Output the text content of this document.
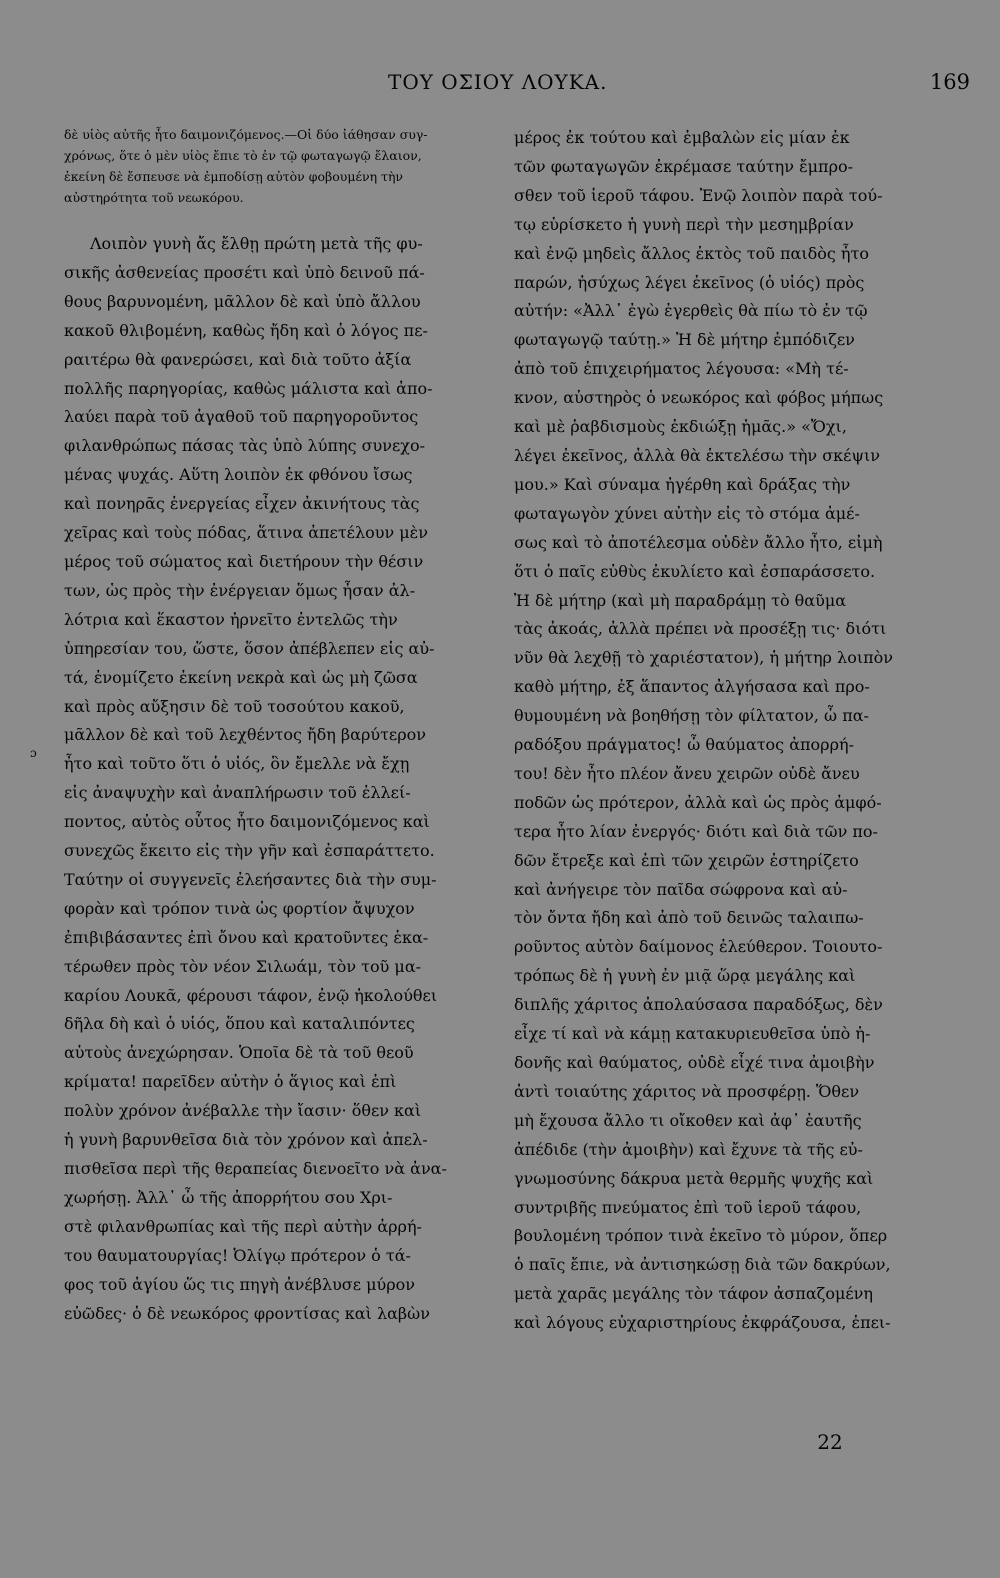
ΤΟΥ ΟΣΙΟΥ ΛΟΥΚΑ.	169
ɔ
δὲ υἱὸς αὐτῆς ἦτο δαιμονιζόμενος.—Οἱ δύο ἰάθησαν συγ-
χρόνως, ὅτε ὁ μὲν υἱὸς ἔπιε τὸ ἐν τῷ φωταγωγῷ ἔλαιον,
ἐκείνη δὲ ἔσπευσε νὰ ἐμποδίσῃ αὐτὸν φοβουμένη τὴν
αὐστηρότητα τοῦ νεωκόρου.
Λοιπὸν γυνὴ ἄς ἔλθῃ πρώτη μετὰ τῆς φυ-
σικῆς ἀσθενείας προσέτι καὶ ὑπὸ δεινοῦ πά-
θους βαρυνομένη, μᾶλλον δὲ καὶ ὑπὸ ἄλλου
κακοῦ θλιβομένη, καθὼς ἤδη καὶ ὁ λόγος πε-
ραιτέρω θὰ φανερώσει, καὶ διὰ τοῦτο ἀξία
πολλῆς παρηγορίας, καθὼς μάλιστα καὶ ἀπο-
λαύει παρὰ τοῦ ἀγαθοῦ τοῦ παρηγοροῦντος
φιλανθρώπως πάσας τὰς ὑπὸ λύπης συνεχο-
μένας ψυχάς. Αὕτη λοιπὸν ἐκ φθόνου ἴσως
καὶ πονηρᾶς ἐνεργείας εἶχεν ἀκινήτους τὰς
χεῖρας καὶ τοὺς πόδας, ἅτινα ἀπετέλουν μὲν
μέρος τοῦ σώματος καὶ διετήρουν τὴν θέσιν
των, ὡς πρὸς τὴν ἐνέργειαν ὅμως ἦσαν ἀλ-
λότρια καὶ ἕκαστον ἠρνεῖτο ἐντελῶς τὴν
ὑπηρεσίαν του, ὥστε, ὅσον ἀπέβλεπεν εἰς αὐ-
τά, ἐνομίζετο ἐκείνη νεκρὰ καὶ ὡς μὴ ζῶσα
καὶ πρὸς αὔξησιν δὲ τοῦ τοσούτου κακοῦ,
μᾶλλον δὲ καὶ τοῦ λεχθέντος ἤδη βαρύτερον
ἦτο καὶ τοῦτο ὅτι ὁ υἱός, ὃν ἔμελλε νὰ ἔχῃ
εἰς ἀναψυχὴν καὶ ἀναπλήρωσιν τοῦ ἐλλεί-
ποντος, αὐτὸς οὗτος ἦτο δαιμονιζόμενος καὶ
συνεχῶς ἔκειτο εἰς τὴν γῆν καὶ ἐσπαράττετο.
Ταύτην οἱ συγγενεῖς ἐλεήσαντες διὰ τὴν συμ-
φορὰν καὶ τρόπον τινὰ ὡς φορτίον ἄψυχον
ἐπιβιβάσαντες ἐπὶ ὄνου καὶ κρατοῦντες ἑκα-
τέρωθεν πρὸς τὸν νέον Σιλωάμ, τὸν τοῦ μα-
καρίου Λουκᾶ, φέρουσι τάφον, ἐνῷ ἠκολούθει
δῆλα δὴ καὶ ὁ υἱός, ὅπου καὶ καταλιπόντες
αὐτοὺς ἀνεχώρησαν. Ὁποῖα δὲ τὰ τοῦ θεοῦ
κρίματα! παρεῖδεν αὐτὴν ὁ ἅγιος καὶ ἐπὶ
πολὺν χρόνον ἀνέβαλλε τὴν ἴασιν· ὅθεν καὶ
ἡ γυνὴ βαρυνθεῖσα διὰ τὸν χρόνον καὶ ἀπελ-
πισθεῖσα περὶ τῆς θεραπείας διενοεῖτο νὰ ἀνα-
χωρήσῃ. Ἀλλ᾽ ὦ τῆς ἀπορρήτου σου Χρι-
στὲ φιλανθρωπίας καὶ τῆς περὶ αὐτὴν ἀρρή-
του θαυματουργίας! Ὀλίγῳ πρότερον ὁ τά-
φος τοῦ ἁγίου ὥς τις πηγὴ ἀνέβλυσε μύρον
εὐῶδες· ὁ δὲ νεωκόρος φροντίσας καὶ λαβὼν
μέρος ἐκ τούτου καὶ ἐμβαλὼν εἰς μίαν ἐκ
τῶν φωταγωγῶν ἐκρέμασε ταύτην ἔμπρο-
σθεν τοῦ ἱεροῦ τάφου. Ἐνῷ λοιπὸν παρὰ τού-
τῳ εὑρίσκετο ἡ γυνὴ περὶ τὴν μεσημβρίαν
καὶ ἐνῷ μηδεὶς ἄλλος ἐκτὸς τοῦ παιδὸς ἦτο
παρών, ἡσύχως λέγει ἐκεῖνος (ὁ υἱός) πρὸς
αὐτήν: «Ἀλλ᾽ ἐγὼ ἐγερθεὶς θὰ πίω τὸ ἐν τῷ
φωταγωγῷ ταύτῃ.» Ἡ δὲ μήτηρ ἐμπόδιζεν
ἀπὸ τοῦ ἐπιχειρήματος λέγουσα: «Μὴ τέ-
κνον, αὐστηρὸς ὁ νεωκόρος καὶ φόβος μήπως
καὶ μὲ ῥαβδισμοὺς ἐκδιώξῃ ἡμᾶς.» «Ὄχι,
λέγει ἐκεῖνος, ἀλλὰ θὰ ἐκτελέσω τὴν σκέψιν
μου.» Καὶ σύναμα ἠγέρθη καὶ δράξας τὴν
φωταγωγὸν χύνει αὐτὴν εἰς τὸ στόμα ἀμέ-
σως καὶ τὸ ἀποτέλεσμα οὐδὲν ἄλλο ἦτο, εἰμὴ
ὅτι ὁ παῖς εὐθὺς ἐκυλίετο καὶ ἐσπαράσσετο.
Ἡ δὲ μήτηρ (καὶ μὴ παραδράμῃ τὸ θαῦμα
τὰς ἀκοάς, ἀλλὰ πρέπει νὰ προσέξῃ τις· διότι
νῦν θὰ λεχθῇ τὸ χαριέστατον), ἡ μήτηρ λοιπὸν
καθὸ μήτηρ, ἐξ ἅπαντος ἀλγήσασα καὶ προ-
θυμουμένη νὰ βοηθήσῃ τὸν φίλτατον, ὦ πα-
ραδόξου πράγματος! ὦ θαύματος ἀπορρή-
του! δὲν ἦτο πλέον ἄνευ χειρῶν οὐδὲ ἄνευ
ποδῶν ὡς πρότερον, ἀλλὰ καὶ ὡς πρὸς ἀμφό-
τερα ἦτο λίαν ἐνεργός· διότι καὶ διὰ τῶν πο-
δῶν ἔτρεξε καὶ ἐπὶ τῶν χειρῶν ἐστηρίζετο
καὶ ἀνήγειρε τὸν παῖδα σώφρονα καὶ αὐ-
τὸν ὄντα ἤδη καὶ ἀπὸ τοῦ δεινῶς ταλαιπω-
ροῦντος αὐτὸν δαίμονος ἐλεύθερον. Τοιουτο-
τρόπως δὲ ἡ γυνὴ ἐν μιᾷ ὥρᾳ μεγάλης καὶ
διπλῆς χάριτος ἀπολαύσασα παραδόξως, δὲν
εἶχε τί καὶ νὰ κάμῃ κατακυριευθεῖσα ὑπὸ ἡ-
δονῆς καὶ θαύματος, οὐδὲ εἶχέ τινα ἀμοιβὴν
ἀντὶ τοιαύτης χάριτος νὰ προσφέρῃ. Ὅθεν
μὴ ἔχουσα ἄλλο τι οἴκοθεν καὶ ἀφ᾽ ἑαυτῆς
ἀπέδιδε (τὴν ἀμοιβὴν) καὶ ἔχυνε τὰ τῆς εὐ-
γνωμοσύνης δάκρυα μετὰ θερμῆς ψυχῆς καὶ
συντριβῆς πνεύματος ἐπὶ τοῦ ἱεροῦ τάφου,
βουλομένη τρόπον τινὰ ἐκεῖνο τὸ μύρον, ὅπερ
ὁ παῖς ἔπιε, νὰ ἀντισηκώσῃ διὰ τῶν δακρύων,
μετὰ χαρᾶς μεγάλης τὸν τάφον ἀσπαζομένη
καὶ λόγους εὐχαριστηρίους ἐκφράζουσα, ἐπει-
22
